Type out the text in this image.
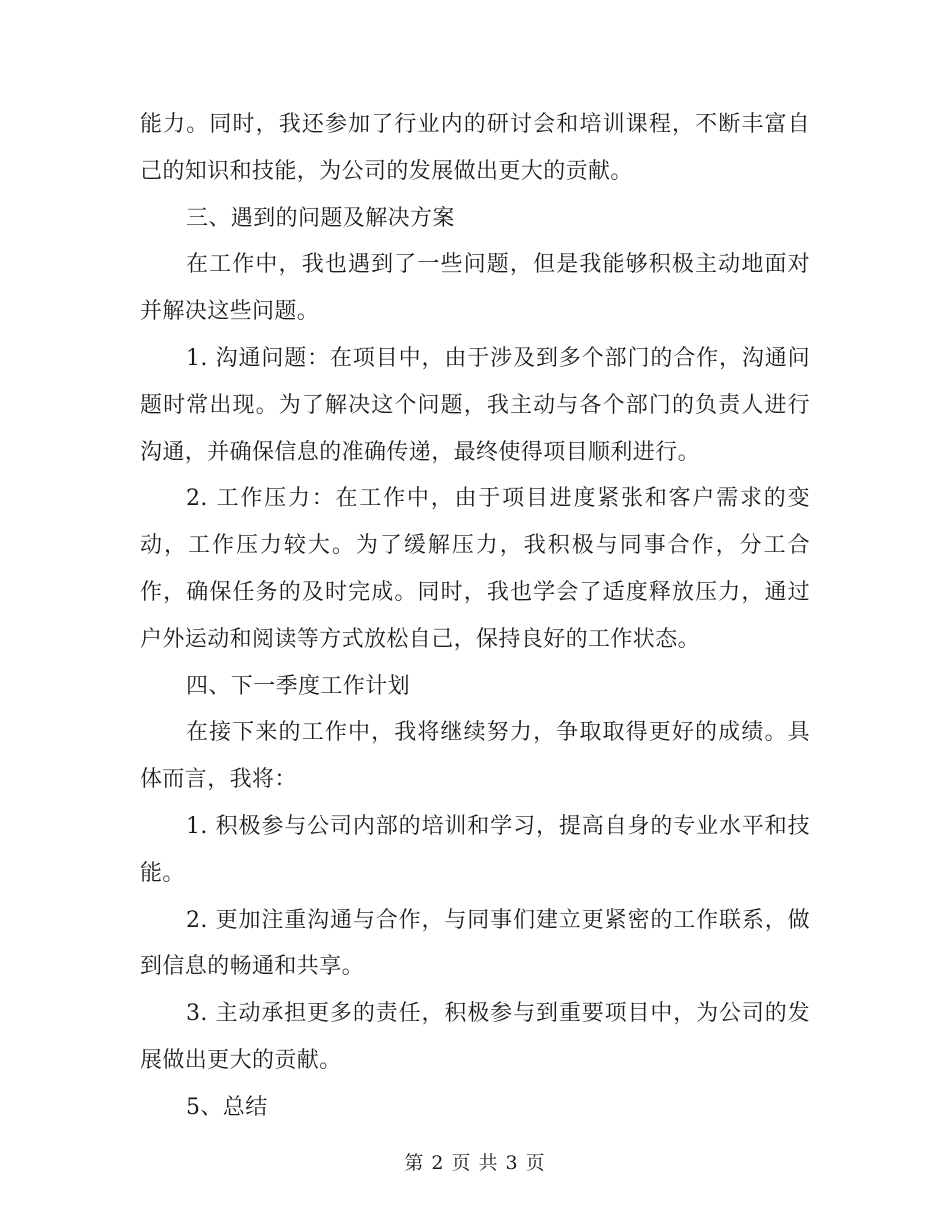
能力。同时，我还参加了行业内的研讨会和培训课程，不断丰富自己的知识和技能，为公司的发展做出更大的贡献。

三、遇到的问题及解决方案

在工作中，我也遇到了一些问题，但是我能够积极主动地面对并解决这些问题。

1. 沟通问题：在项目中，由于涉及到多个部门的合作，沟通问题时常出现。为了解决这个问题，我主动与各个部门的负责人进行沟通，并确保信息的准确传递，最终使得项目顺利进行。

2. 工作压力：在工作中，由于项目进度紧张和客户需求的变动，工作压力较大。为了缓解压力，我积极与同事合作，分工合作，确保任务的及时完成。同时，我也学会了适度释放压力，通过户外运动和阅读等方式放松自己，保持良好的工作状态。

四、下一季度工作计划

在接下来的工作中，我将继续努力，争取取得更好的成绩。具体而言，我将：

1. 积极参与公司内部的培训和学习，提高自身的专业水平和技能。

2. 更加注重沟通与合作，与同事们建立更紧密的工作联系，做到信息的畅通和共享。

3. 主动承担更多的责任，积极参与到重要项目中，为公司的发展做出更大的贡献。

5、总结

第 2 页 共 3 页
